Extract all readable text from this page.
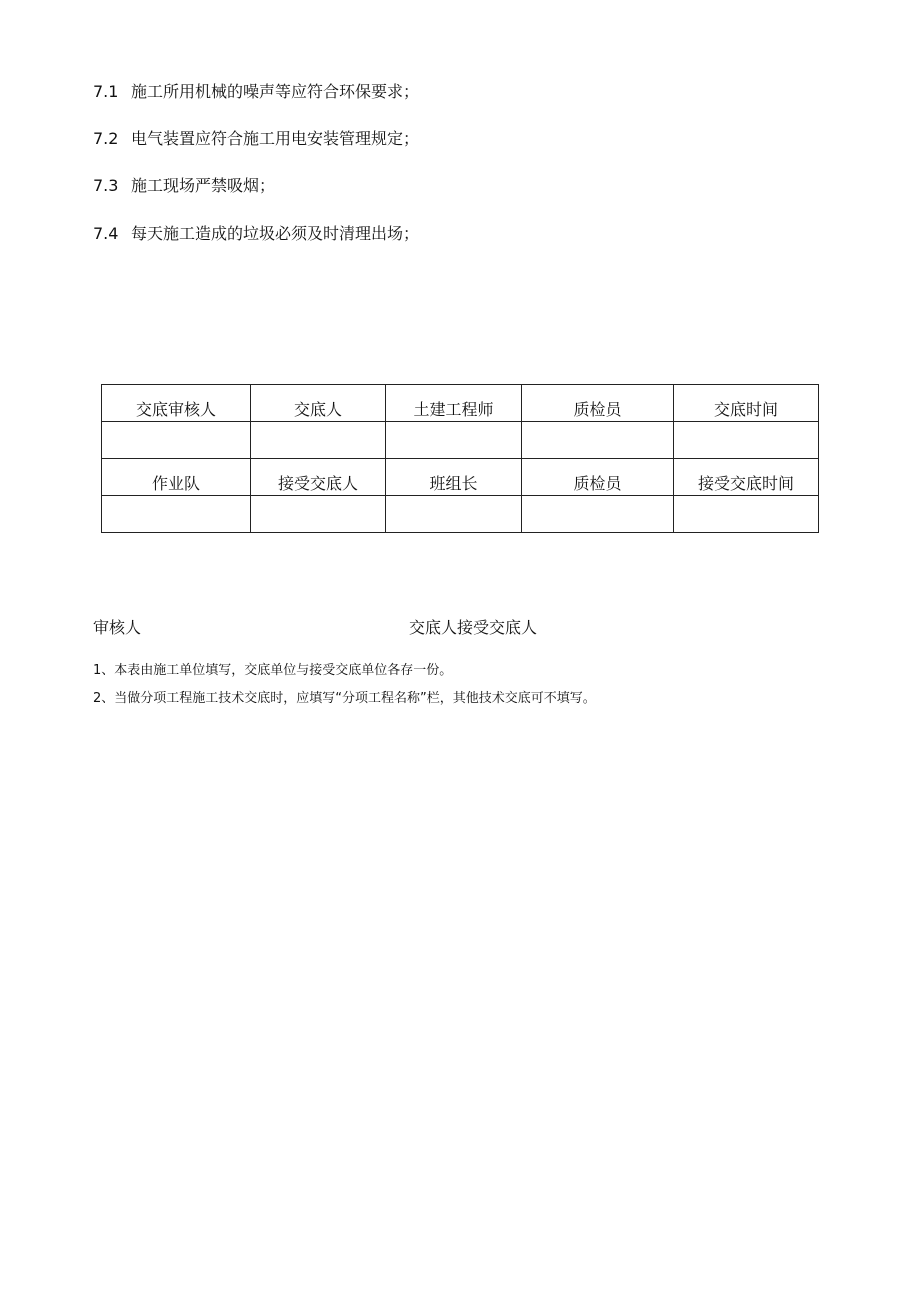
7.1 施工所用机械的噪声等应符合环保要求；
7.2 电气装置应符合施工用电安装管理规定；
7.3 施工现场严禁吸烟；
7.4 每天施工造成的垃圾必须及时清理出场；
交底审核人	交底人	土建工程师	质检员	交底时间

作业队	接受交底人	班组长	质检员	接受交底时间

审核人	交底人接受交底人
1、本表由施工单位填写，交底单位与接受交底单位各存一份。
2、当做分项工程施工技术交底时，应填写“分项工程名称”栏，其他技术交底可不填写。
